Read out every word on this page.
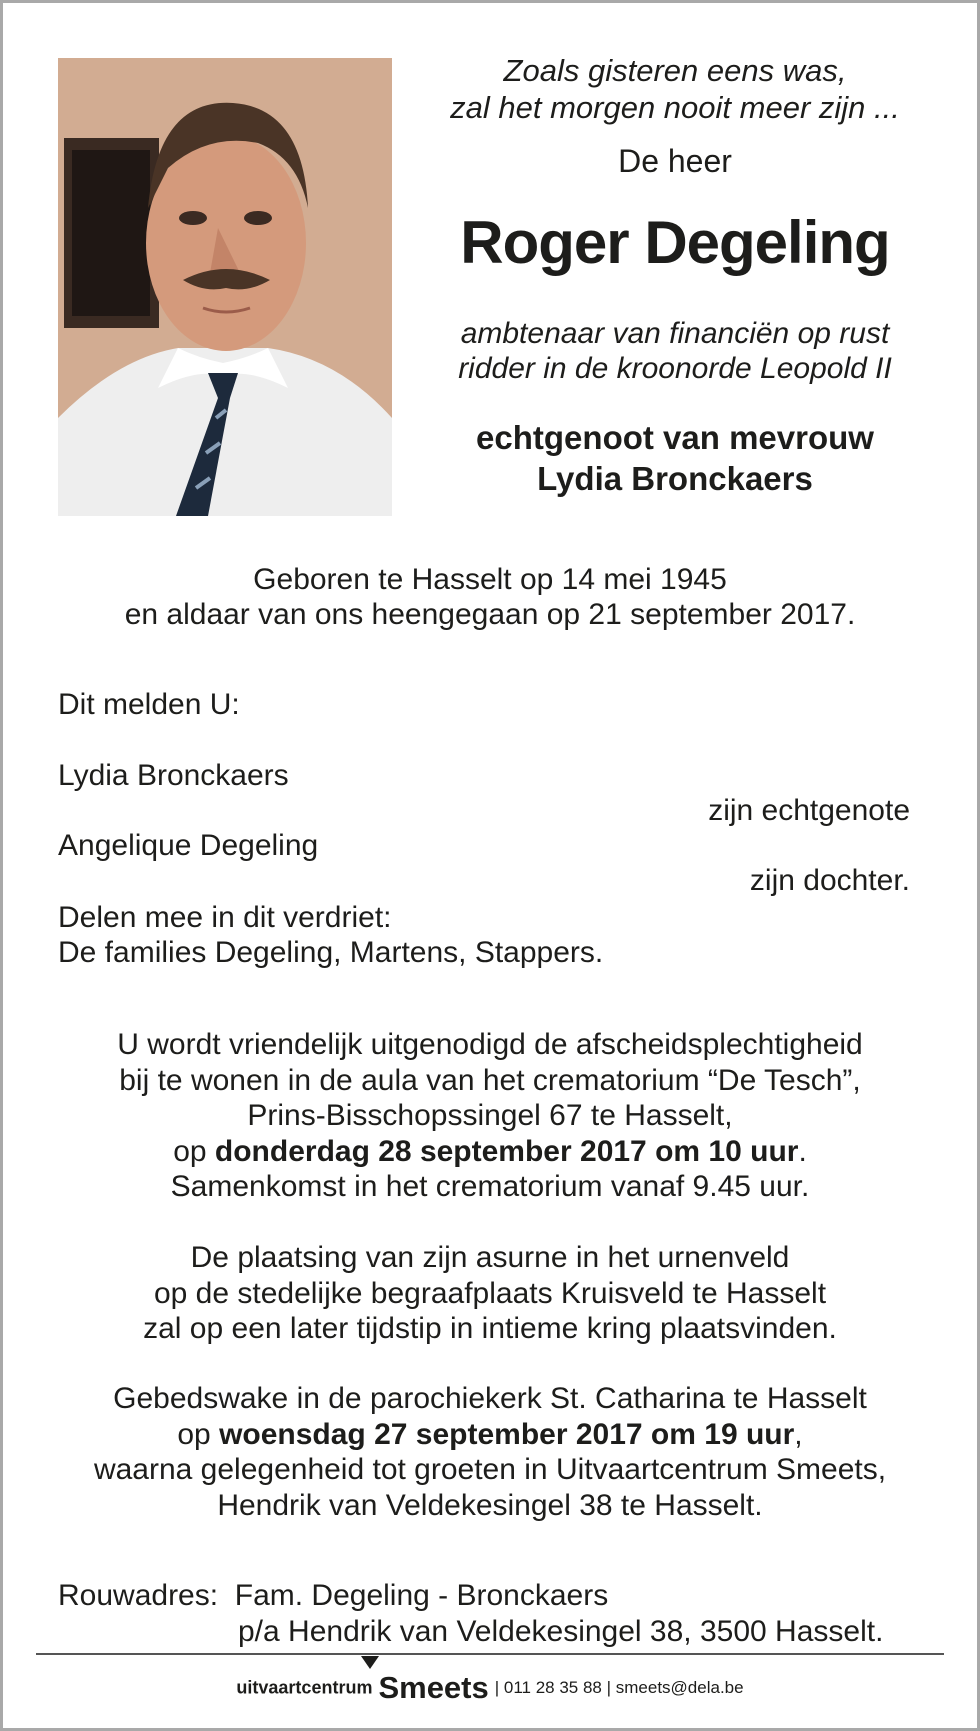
Zoals gisteren eens was,
zal het morgen nooit meer zijn ...
De heer
Roger Degeling
ambtenaar van financiën op rust
ridder in de kroonorde Leopold II
echtgenoot van mevrouw
Lydia Bronckaers
Geboren te Hasselt op 14 mei 1945
en aldaar van ons heengegaan op 21 september 2017.
Dit melden U:
Lydia Bronckaers
zijn echtgenote
Angelique Degeling
zijn dochter.
Delen mee in dit verdriet:
De families Degeling, Martens, Stappers.
U wordt vriendelijk uitgenodigd de afscheidsplechtigheid
bij te wonen in de aula van het crematorium “De Tesch”,
Prins-Bisschopssingel 67 te Hasselt,
op donderdag 28 september 2017 om 10 uur.
Samenkomst in het crematorium vanaf 9.45 uur.
De plaatsing van zijn asurne in het urnenveld
op de stedelijke begraafplaats Kruisveld te Hasselt
zal op een later tijdstip in intieme kring plaatsvinden.
Gebedswake in de parochiekerk St. Catharina te Hasselt
op woensdag 27 september 2017 om 19 uur,
waarna gelegenheid tot groeten in Uitvaartcentrum Smeets,
Hendrik van Veldekesingel 38 te Hasselt.
Rouwadres: Fam. Degeling - Bronckaers
p/a Hendrik van Veldekesingel 38, 3500 Hasselt.
uitvaartcentrum Smeets | 011 28 35 88 | smeets@dela.be
